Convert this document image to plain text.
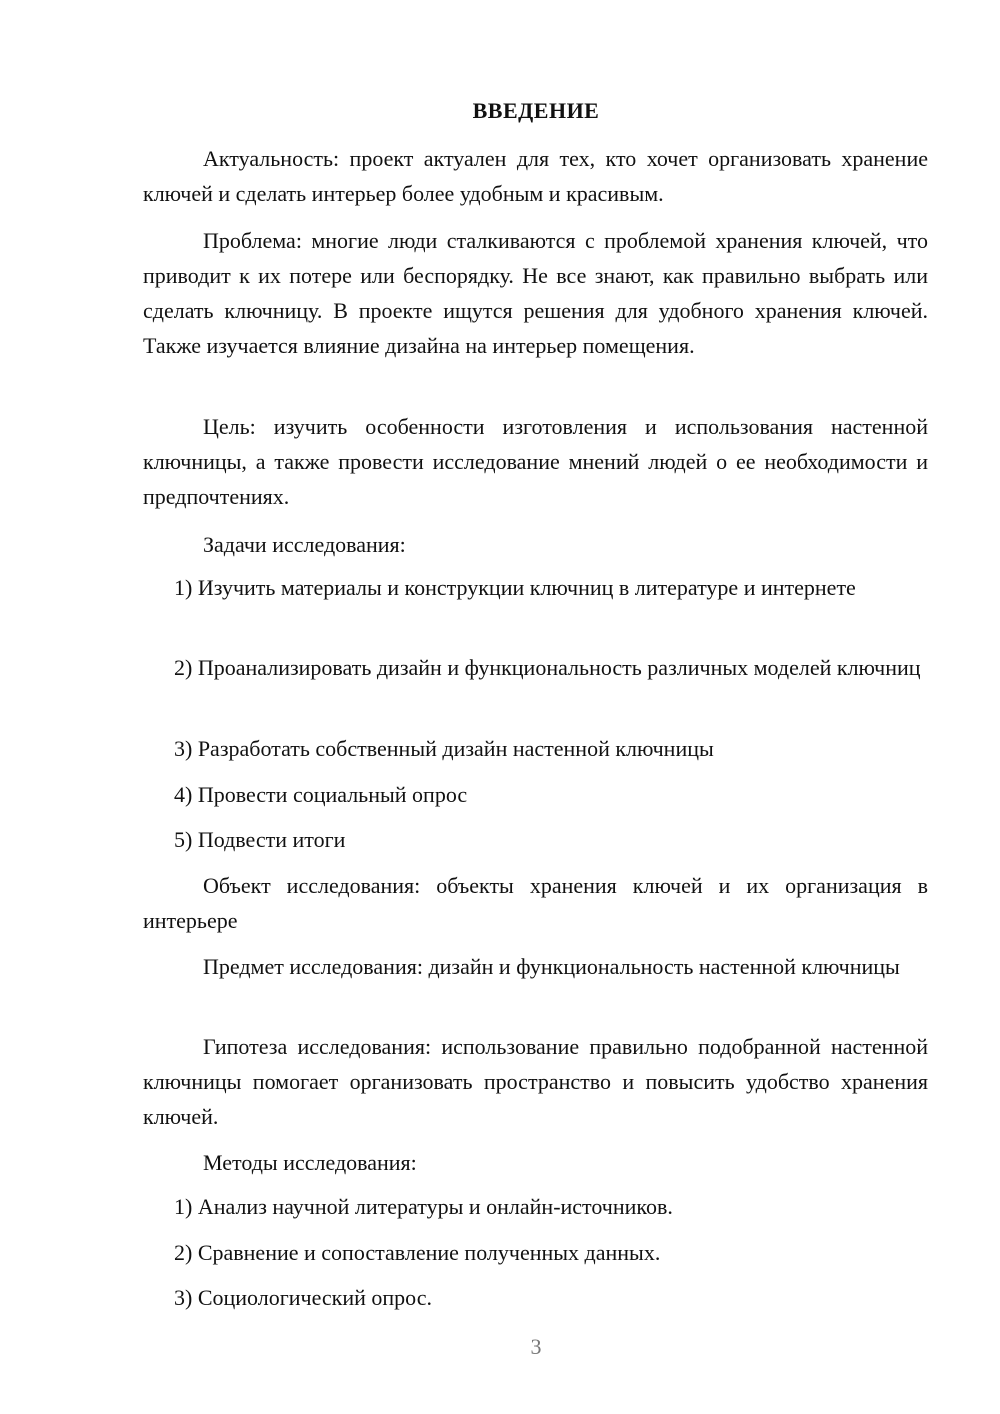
ВВЕДЕНИЕ

Актуальность: проект актуален для тех, кто хочет организовать хранение ключей и сделать интерьер более удобным и красивым.

Проблема: многие люди сталкиваются с проблемой хранения ключей, что приводит к их потере или беспорядку. Не все знают, как правильно выбрать или сделать ключницу. В проекте ищутся решения для удобного хранения ключей. Также изучается влияние дизайна на интерьер помещения.

Цель: изучить особенности изготовления и использования настенной ключницы, а также провести исследование мнений людей о ее необходимости и предпочтениях.

Задачи исследования:

1) Изучить материалы и конструкции ключниц в литературе и интернете

2) Проанализировать дизайн и функциональность различных моделей ключниц

3) Разработать собственный дизайн настенной ключницы

4) Провести социальный опрос

5) Подвести итоги

Объект исследования: объекты хранения ключей и их организация в интерьере

Предмет исследования: дизайн и функциональность настенной ключницы

Гипотеза исследования: использование правильно подобранной настенной ключницы помогает организовать пространство и повысить удобство хранения ключей.

Методы исследования:

1) Анализ научной литературы и онлайн-источников.

2) Сравнение и сопоставление полученных данных.

3) Социологический опрос.

3
